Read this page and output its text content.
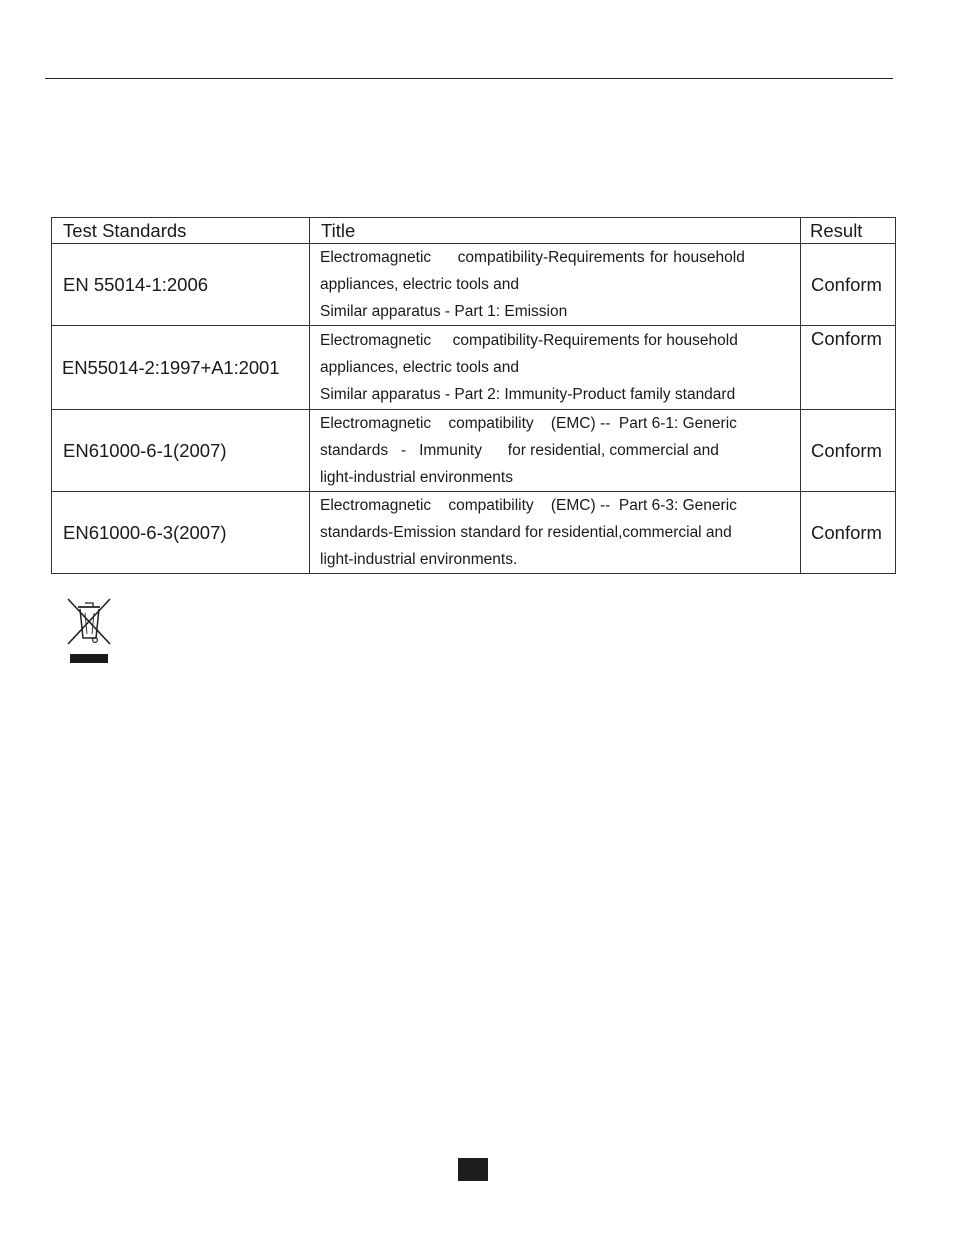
Test Standards	Title	Result
EN 55014-1:2006	Electromagnetic     compatibility-Requirements for household
appliances, electric tools and
Similar apparatus - Part 1: Emission	Conform
EN55014-2:1997+A1:2001	Electromagnetic     compatibility-Requirements for household
appliances, electric tools and
Similar apparatus - Part 2: Immunity-Product family standard	Conform
EN61000-6-1(2007)	Electromagnetic    compatibility    (EMC) --  Part 6-1: Generic
standards   -   Immunity      for residential, commercial and
light-industrial environments	Conform
EN61000-6-3(2007)	Electromagnetic    compatibility    (EMC) --  Part 6-3: Generic
standards-Emission standard for residential,commercial and
light-industrial environments.	Conform
